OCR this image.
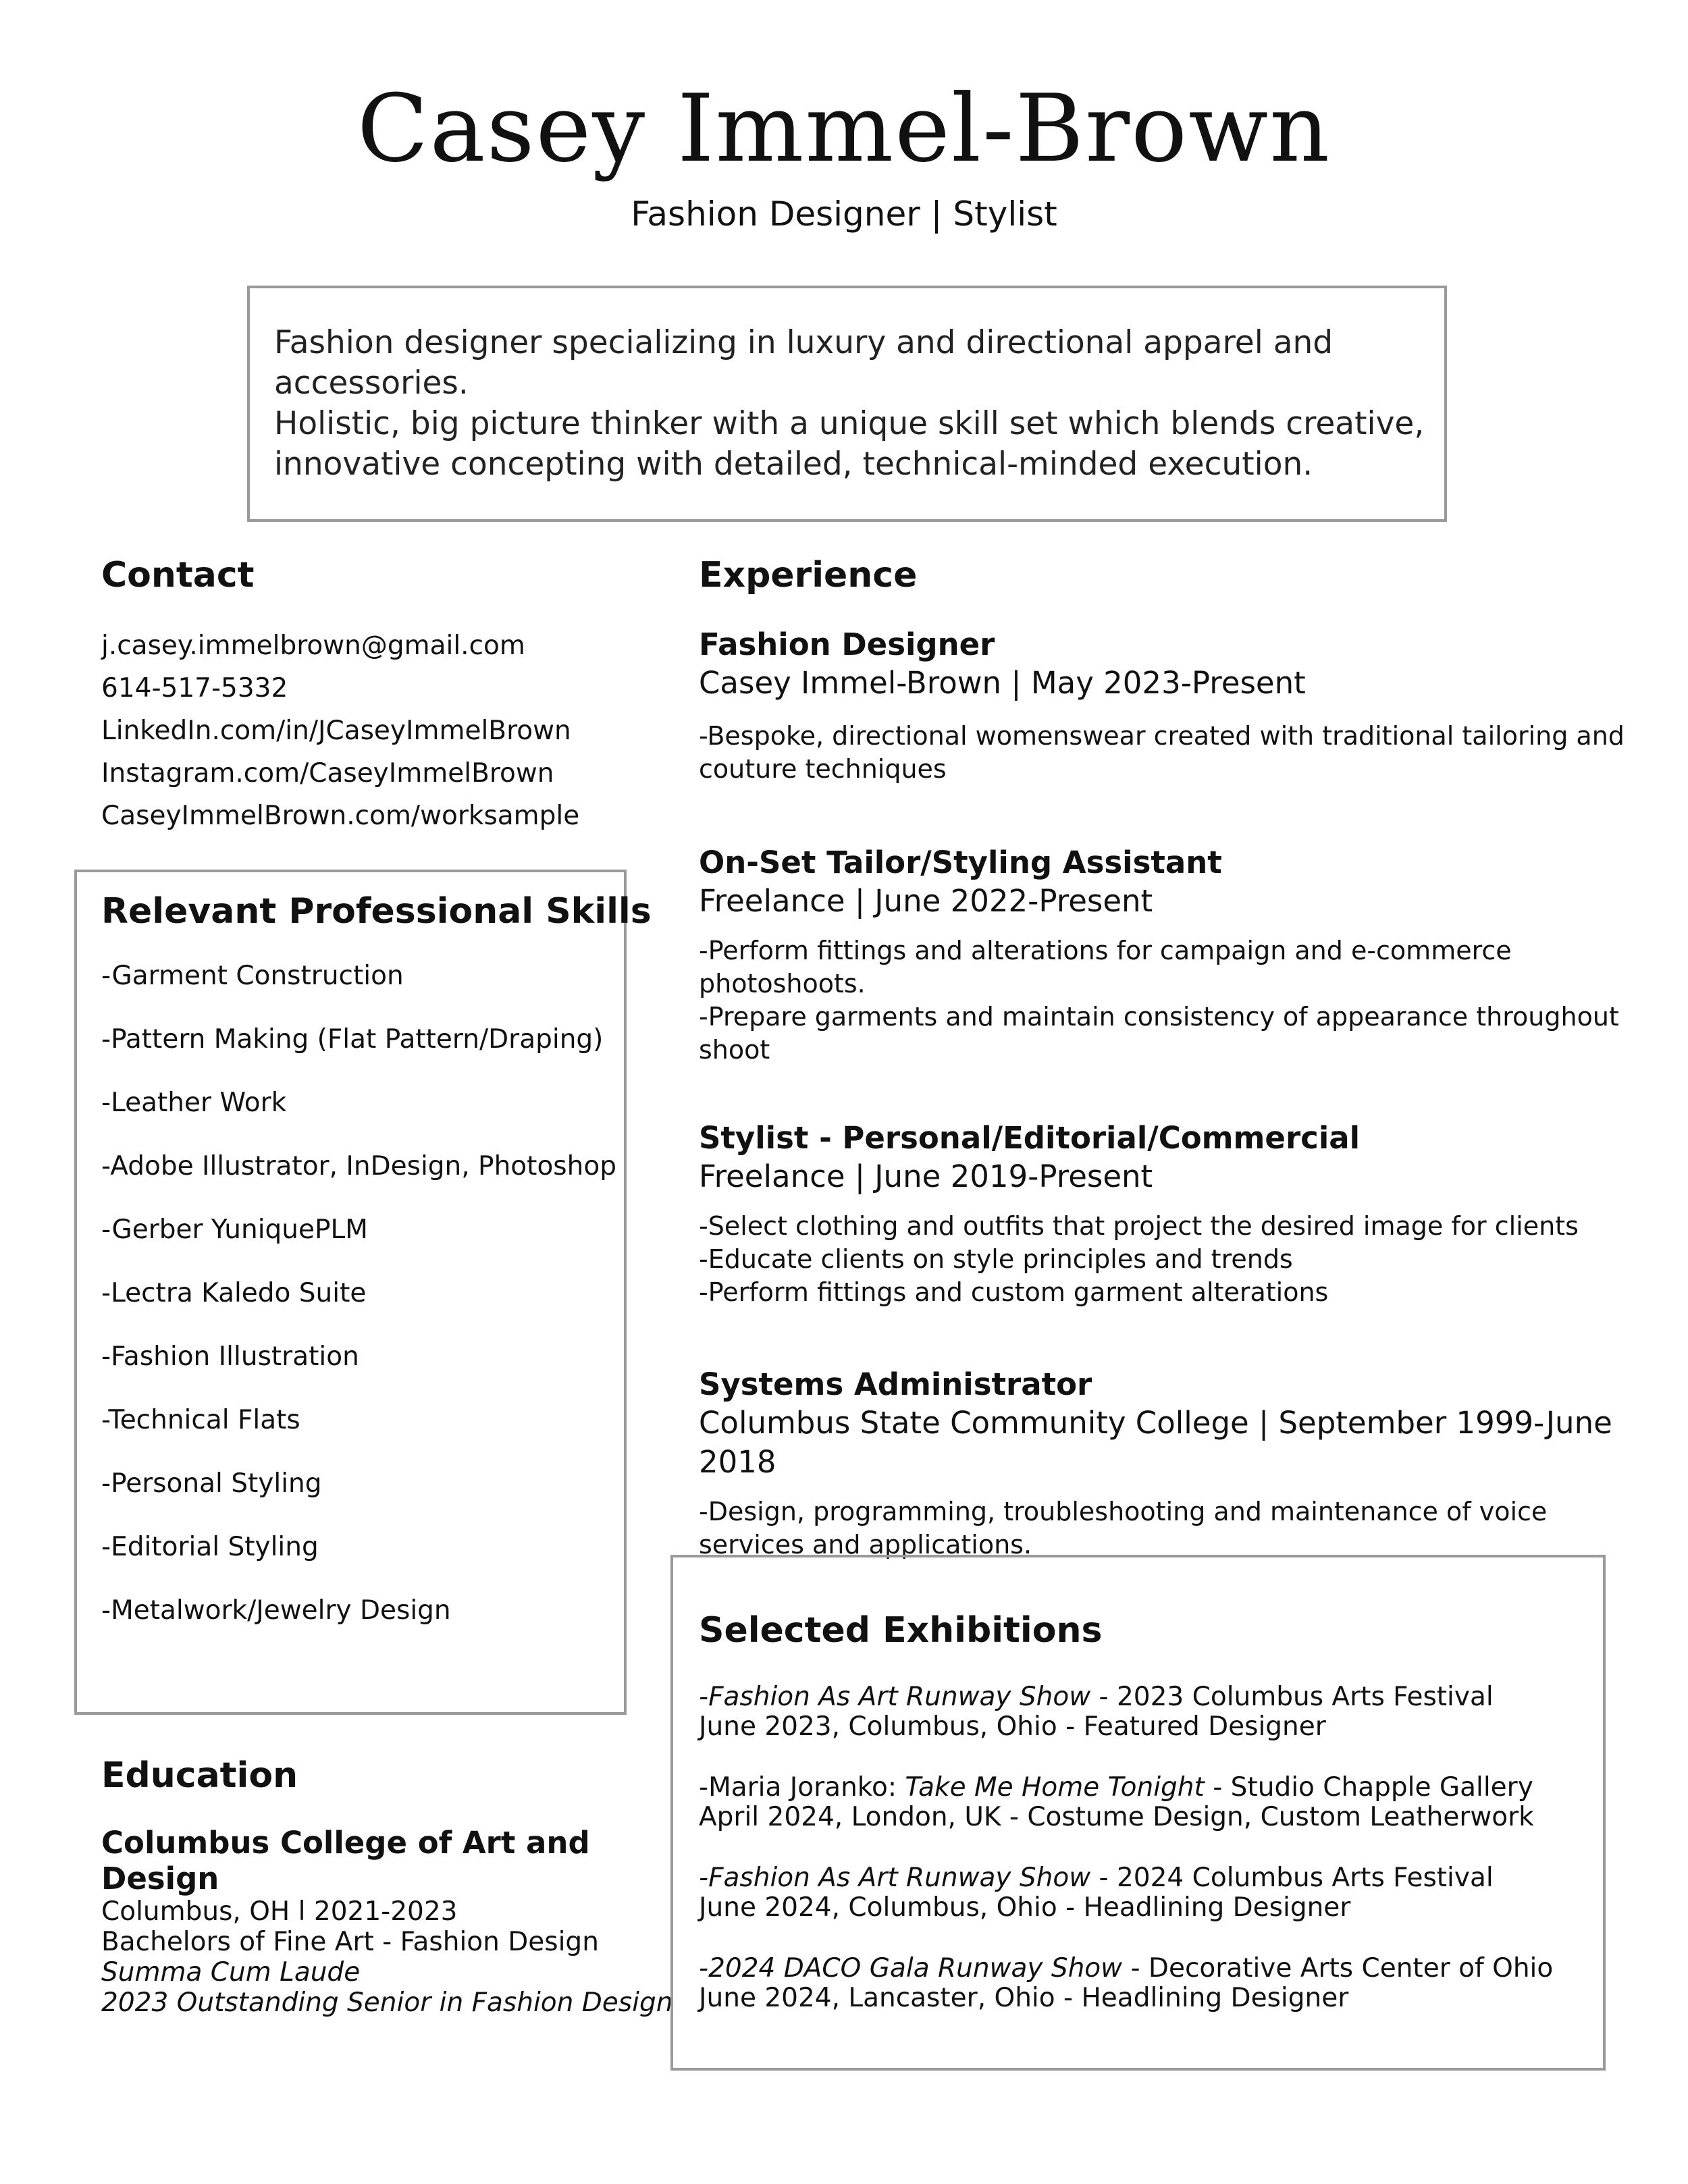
Casey Immel-Brown
Fashion Designer | Stylist
Fashion designer specializing in luxury and directional apparel and accessories.
Holistic, big picture thinker with a unique skill set which blends creative,
innovative concepting with detailed, technical-minded execution.
Contact
j.casey.immelbrown@gmail.com
614-517-5332
LinkedIn.com/in/JCaseyImmelBrown
Instagram.com/CaseyImmelBrown
CaseyImmelBrown.com/worksample
Relevant Professional Skills
-Garment Construction
-Pattern Making (Flat Pattern/Draping)
-Leather Work
-Adobe Illustrator, InDesign, Photoshop
-Gerber YuniquePLM
-Lectra Kaledo Suite
-Fashion Illustration
-Technical Flats
-Personal Styling
-Editorial Styling
-Metalwork/Jewelry Design
Education
Columbus College of Art and Design
Columbus, OH l 2021-2023
Bachelors of Fine Art - Fashion Design
Summa Cum Laude
2023 Outstanding Senior in Fashion Design
Experience
Fashion Designer
Casey Immel-Brown | May 2023-Present
-Bespoke, directional womenswear created with traditional tailoring and
couture techniques
On-Set Tailor/Styling Assistant
Freelance | June 2022-Present
-Perform fittings and alterations for campaign and e-commerce
photoshoots.
-Prepare garments and maintain consistency of appearance throughout
shoot
Stylist - Personal/Editorial/Commercial
Freelance | June 2019-Present
-Select clothing and outfits that project the desired image for clients
-Educate clients on style principles and trends
-Perform fittings and custom garment alterations
Systems Administrator
Columbus State Community College | September 1999-June 2018
-Design, programming, troubleshooting and maintenance of voice
services and applications.
Selected Exhibitions
-Fashion As Art Runway Show - 2023 Columbus Arts Festival
June 2023, Columbus, Ohio - Featured Designer
-Maria Joranko: Take Me Home Tonight - Studio Chapple Gallery
April 2024, London, UK - Costume Design, Custom Leatherwork
-Fashion As Art Runway Show - 2024 Columbus Arts Festival
June 2024, Columbus, Ohio - Headlining Designer
-2024 DACO Gala Runway Show - Decorative Arts Center of Ohio
June 2024, Lancaster, Ohio - Headlining Designer
